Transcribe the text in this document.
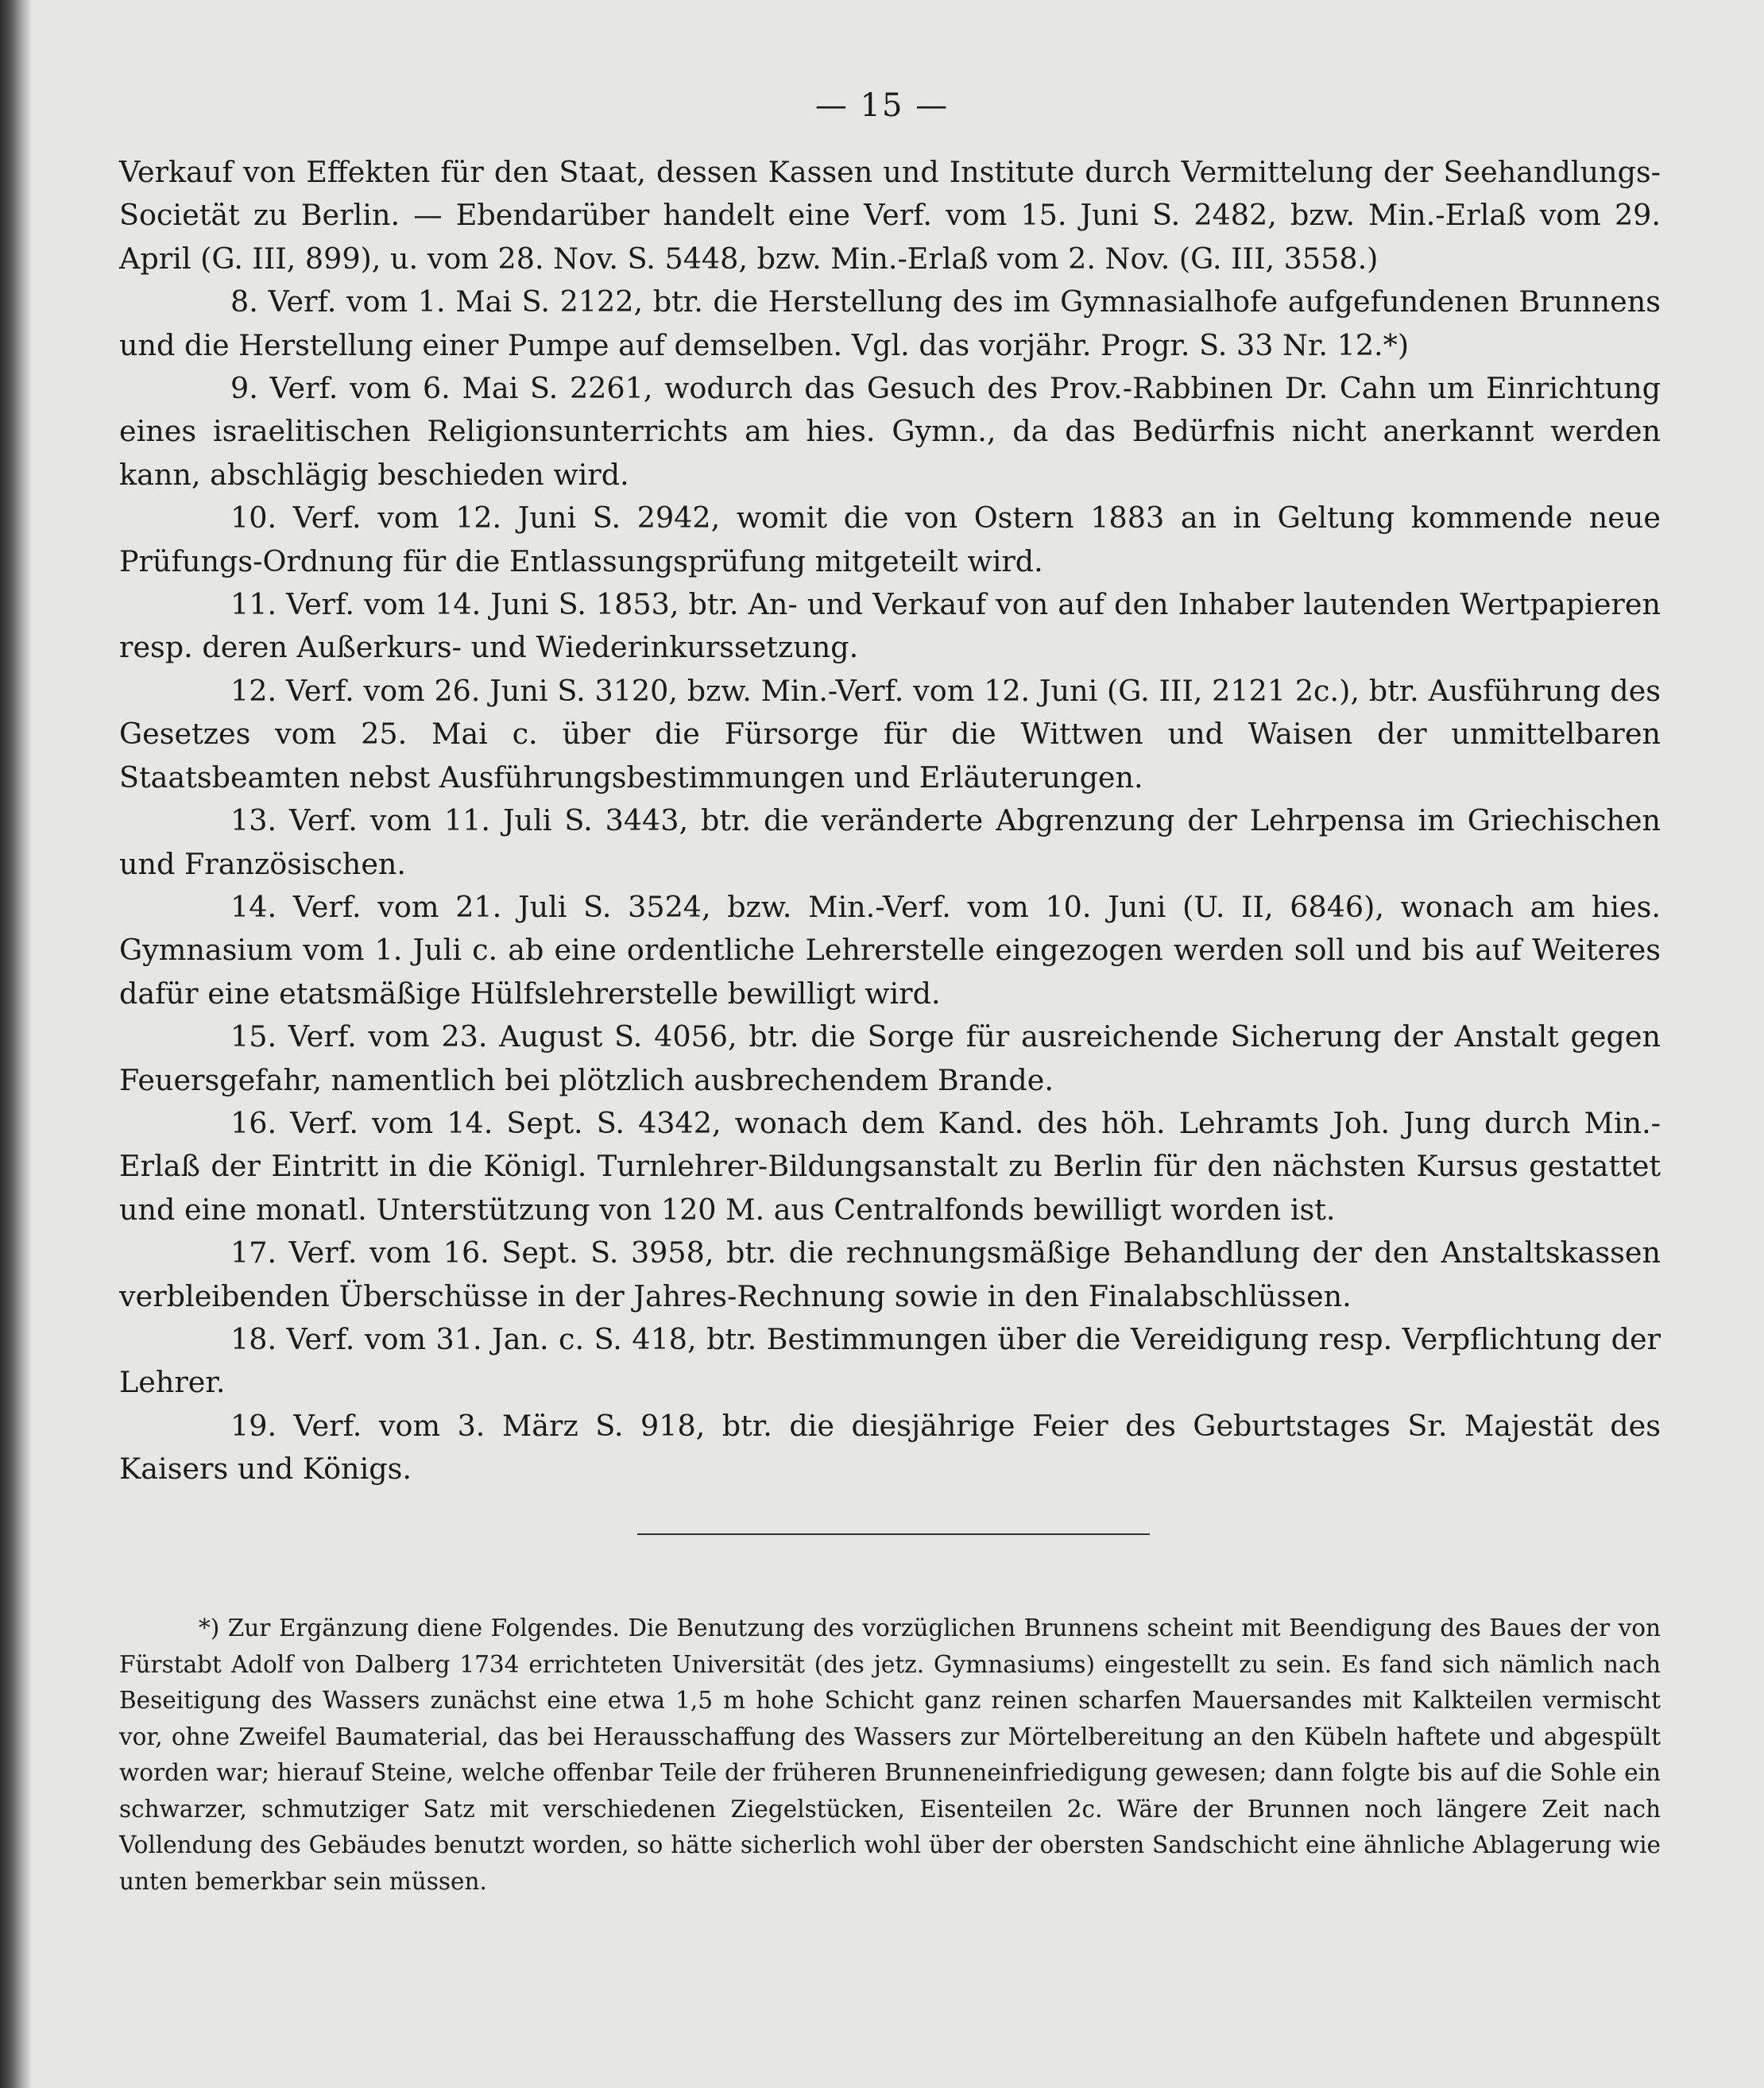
— 15 —

Verkauf von Effekten für den Staat, dessen Kassen und Institute durch Vermittelung der Seehandlungs-Societät zu Berlin. — Ebendarüber handelt eine Verf. vom 15. Juni S. 2482, bzw. Min.-Erlaß vom 29. April (G. III, 899), u. vom 28. Nov. S. 5448, bzw. Min.-Erlaß vom 2. Nov. (G. III, 3558.)

8. Verf. vom 1. Mai S. 2122, btr. die Herstellung des im Gymnasialhofe aufgefundenen Brunnens und die Herstellung einer Pumpe auf demselben. Vgl. das vorjähr. Progr. S. 33 Nr. 12.*)

9. Verf. vom 6. Mai S. 2261, wodurch das Gesuch des Prov.-Rabbinen Dr. Cahn um Einrichtung eines israelitischen Religionsunterrichts am hies. Gymn., da das Bedürfnis nicht anerkannt werden kann, abschlägig beschieden wird.

10. Verf. vom 12. Juni S. 2942, womit die von Ostern 1883 an in Geltung kommende neue Prüfungs-Ordnung für die Entlassungsprüfung mitgeteilt wird.

11. Verf. vom 14. Juni S. 1853, btr. An- und Verkauf von auf den Inhaber lautenden Wertpapieren resp. deren Außerkurs- und Wiederinkurssetzung.

12. Verf. vom 26. Juni S. 3120, bzw. Min.-Verf. vom 12. Juni (G. III, 2121 2c.), btr. Ausführung des Gesetzes vom 25. Mai c. über die Fürsorge für die Wittwen und Waisen der unmittelbaren Staatsbeamten nebst Ausführungsbestimmungen und Erläuterungen.

13. Verf. vom 11. Juli S. 3443, btr. die veränderte Abgrenzung der Lehrpensa im Griechischen und Französischen.

14. Verf. vom 21. Juli S. 3524, bzw. Min.-Verf. vom 10. Juni (U. II, 6846), wonach am hies. Gymnasium vom 1. Juli c. ab eine ordentliche Lehrerstelle eingezogen werden soll und bis auf Weiteres dafür eine etatsmäßige Hülfslehrerstelle bewilligt wird.

15. Verf. vom 23. August S. 4056, btr. die Sorge für ausreichende Sicherung der Anstalt gegen Feuersgefahr, namentlich bei plötzlich ausbrechendem Brande.

16. Verf. vom 14. Sept. S. 4342, wonach dem Kand. des höh. Lehramts Joh. Jung durch Min.-Erlaß der Eintritt in die Königl. Turnlehrer-Bildungsanstalt zu Berlin für den nächsten Kursus gestattet und eine monatl. Unterstützung von 120 M. aus Centralfonds bewilligt worden ist.

17. Verf. vom 16. Sept. S. 3958, btr. die rechnungsmäßige Behandlung der den Anstaltskassen verbleibenden Überschüsse in der Jahres-Rechnung sowie in den Finalabschlüssen.

18. Verf. vom 31. Jan. c. S. 418, btr. Bestimmungen über die Vereidigung resp. Verpflichtung der Lehrer.

19. Verf. vom 3. März S. 918, btr. die diesjährige Feier des Geburtstages Sr. Majestät des Kaisers und Königs.

*) Zur Ergänzung diene Folgendes. Die Benutzung des vorzüglichen Brunnens scheint mit Beendigung des Baues der von Fürstabt Adolf von Dalberg 1734 errichteten Universität (des jetz. Gymnasiums) eingestellt zu sein. Es fand sich nämlich nach Beseitigung des Wassers zunächst eine etwa 1,5 m hohe Schicht ganz reinen scharfen Mauersandes mit Kalkteilen vermischt vor, ohne Zweifel Baumaterial, das bei Herausschaffung des Wassers zur Mörtelbereitung an den Kübeln haftete und abgespült worden war; hierauf Steine, welche offenbar Teile der früheren Brunneneinfriedigung gewesen; dann folgte bis auf die Sohle ein schwarzer, schmutziger Satz mit verschiedenen Ziegelstücken, Eisenteilen 2c. Wäre der Brunnen noch längere Zeit nach Vollendung des Gebäudes benutzt worden, so hätte sicherlich wohl über der obersten Sandschicht eine ähnliche Ablagerung wie unten bemerkbar sein müssen.
